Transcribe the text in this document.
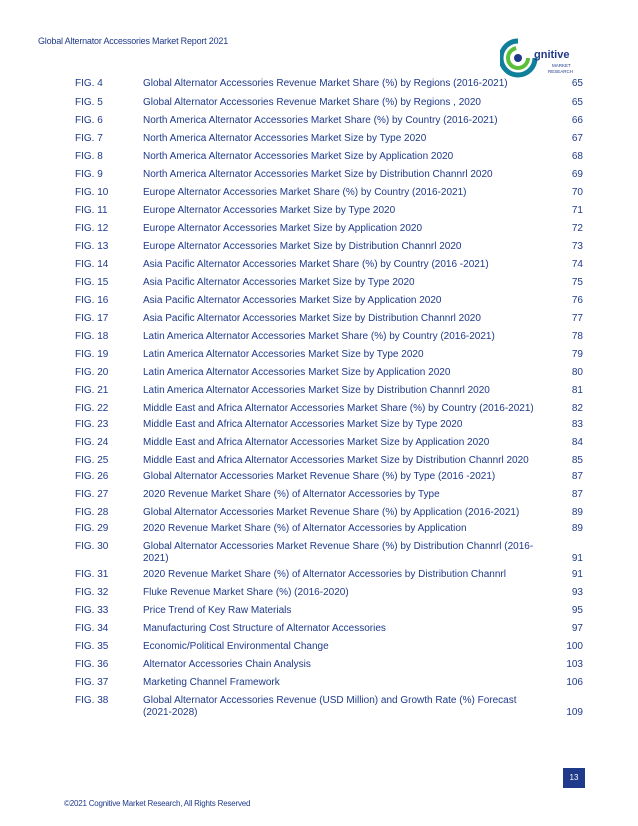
Global Alternator Accessories Market Report 2021
gnitive
MARKET
RESEARCH
FIG. 4	Global Alternator Accessories Revenue Market Share (%) by Regions (2016-2021)	65
FIG. 5	Global Alternator Accessories Revenue Market Share (%) by Regions , 2020	65
FIG. 6	North America Alternator Accessories Market Share (%) by Country (2016-2021)	66
FIG. 7	North America Alternator Accessories Market Size by Type 2020	67
FIG. 8	North America Alternator Accessories Market Size by Application 2020	68
FIG. 9	North America Alternator Accessories Market Size by Distribution Channrl 2020	69
FIG. 10	Europe Alternator Accessories Market Share (%) by Country (2016-2021)	70
FIG. 11	Europe Alternator Accessories Market Size by Type 2020	71
FIG. 12	Europe Alternator Accessories Market Size by Application 2020	72
FIG. 13	Europe Alternator Accessories Market Size by Distribution Channrl 2020	73
FIG. 14	Asia Pacific Alternator Accessories Market Share (%) by Country (2016 -2021)	74
FIG. 15	Asia Pacific Alternator Accessories Market Size by Type 2020	75
FIG. 16	Asia Pacific Alternator Accessories Market Size by Application 2020	76
FIG. 17	Asia Pacific Alternator Accessories Market Size by Distribution Channrl 2020	77
FIG. 18	Latin America Alternator Accessories Market Share (%) by Country (2016-2021)	78
FIG. 19	Latin America Alternator Accessories Market Size by Type 2020	79
FIG. 20	Latin America Alternator Accessories Market Size by Application 2020	80
FIG. 21	Latin America Alternator Accessories Market Size by Distribution Channrl 2020	81
FIG. 22	Middle East and Africa Alternator Accessories Market Share (%) by Country (2016-2021)	82
FIG. 23	Middle East and Africa Alternator Accessories Market Size by Type 2020	83
FIG. 24	Middle East and Africa Alternator Accessories Market Size by Application 2020	84
FIG. 25	Middle East and Africa Alternator Accessories Market Size by Distribution Channrl 2020	85
FIG. 26	Global Alternator Accessories Market Revenue Share (%) by Type (2016 -2021)	87
FIG. 27	2020 Revenue Market Share (%) of Alternator Accessories by Type	87
FIG. 28	Global Alternator Accessories Market Revenue Share (%) by Application (2016-2021)	89
FIG. 29	2020 Revenue Market Share (%) of Alternator Accessories by Application	89
FIG. 30	Global Alternator Accessories Market Revenue Share (%) by Distribution Channrl (2016-2021)	91
FIG. 31	2020 Revenue Market Share (%) of Alternator Accessories by Distribution Channrl	91
FIG. 32	Fluke Revenue Market Share (%) (2016-2020)	93
FIG. 33	Price Trend of Key Raw Materials	95
FIG. 34	Manufacturing Cost Structure of Alternator Accessories	97
FIG. 35	Economic/Political Environmental Change	100
FIG. 36	Alternator Accessories Chain Analysis	103
FIG. 37	Marketing Channel Framework	106
FIG. 38	Global Alternator Accessories Revenue (USD Million) and Growth Rate (%) Forecast (2021-2028)	109
13
©2021 Cognitive Market Research, All Rights Reserved
